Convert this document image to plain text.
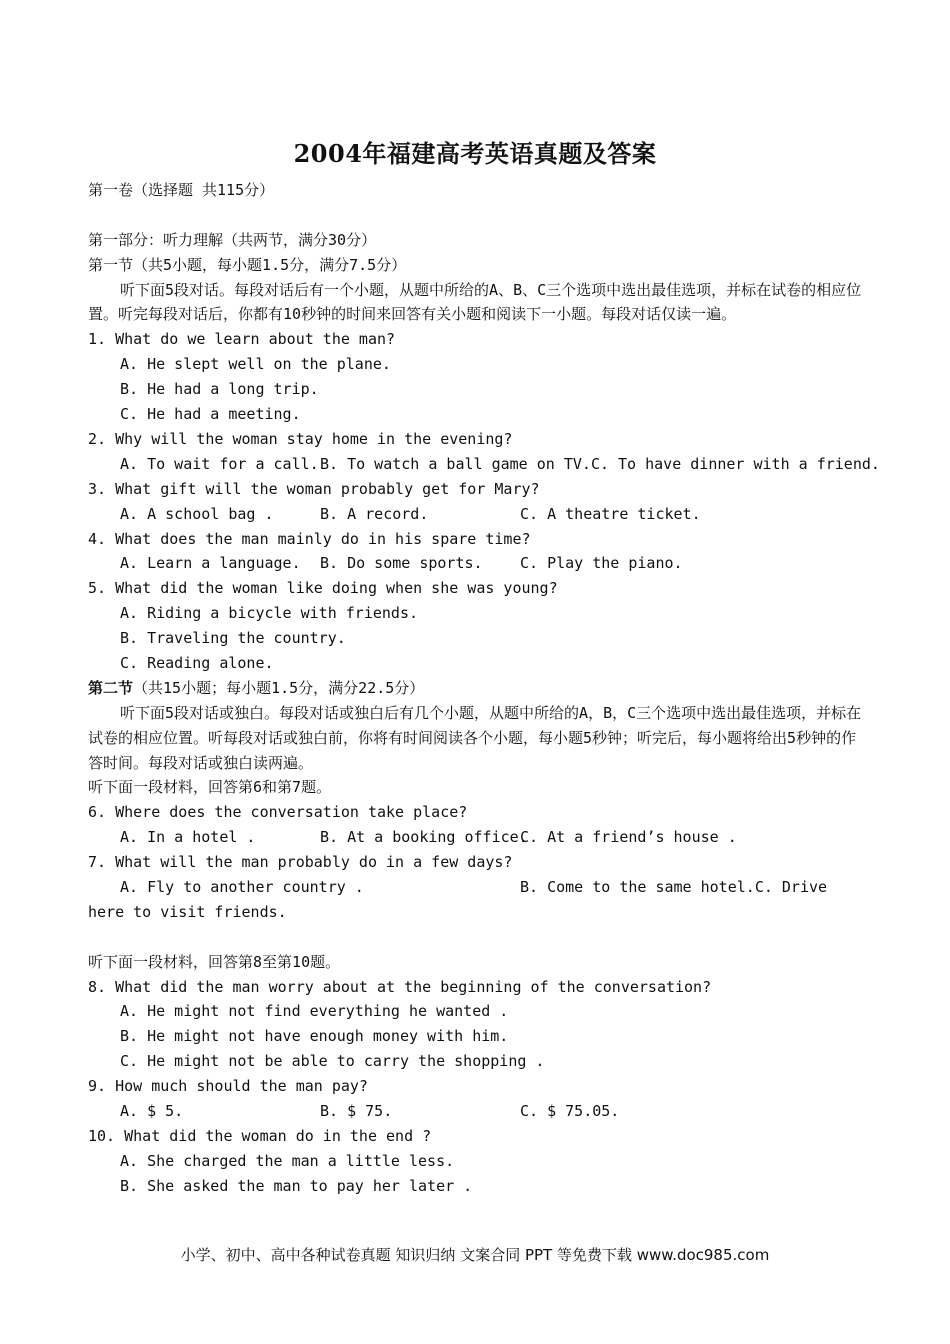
2004年福建高考英语真题及答案
第一卷（选择题 共115分）
第一部分：听力理解（共两节，满分30分）
第一节（共5小题，每小题1.5分，满分7.5分）
听下面5段对话。每段对话后有一个小题，从题中所给的A、B、C三个选项中选出最佳选项，并标在试卷的相应位置。听完每段对话后，你都有10秒钟的时间来回答有关小题和阅读下一小题。每段对话仅读一遍。
1. What do we learn about the man?
A. He slept well on the plane.
B. He had a long trip.
C. He had a meeting.
2. Why will the woman stay home in the evening?
A. To wait for a call.B. To watch a ball game on TV.C. To have dinner with a friend.
3. What gift will the woman probably get for Mary?
A. A school bag .	B. A record.	C. A theatre ticket.
4. What does the man mainly do in his spare time?
A. Learn a language. B. Do some sports. C. Play the piano.
5. What did the woman like doing when she was young?
A. Riding a bicycle with friends.
B. Traveling the country.
C. Reading alone.
第二节（共15小题；每小题1.5分，满分22.5分）
听下面5段对话或独白。每段对话或独白后有几个小题，从题中所给的A，B，C三个选项中选出最佳选项，并标在试卷的相应位置。听每段对话或独白前，你将有时间阅读各个小题，每小题5秒钟；听完后，每小题将给出5秒钟的作答时间。每段对话或独白读两遍。
听下面一段材料，回答第6和第7题。
6. Where does the conversation take place?
A. In a hotel .	B. At a booking office.C. At a friend’s house .
7. What will the man probably do in a few days?
A. Fly to another country .	B. Come to the same hotel.C. Drive
here to visit friends.
听下面一段材料，回答第8至第10题。
8. What did the man worry about at the beginning of the conversation?
A. He might not find everything he wanted .
B. He might not have enough money with him.
C. He might not be able to carry the shopping .
9. How much should the man pay?
A. $ 5.	B. $ 75.	C. $ 75.05.
10. What did the woman do in the end ?
A. She charged the man a little less.
B. She asked the man to pay her later .
小学、初中、高中各种试卷真题 知识归纳 文案合同 PPT 等免费下载 www.doc985.com
